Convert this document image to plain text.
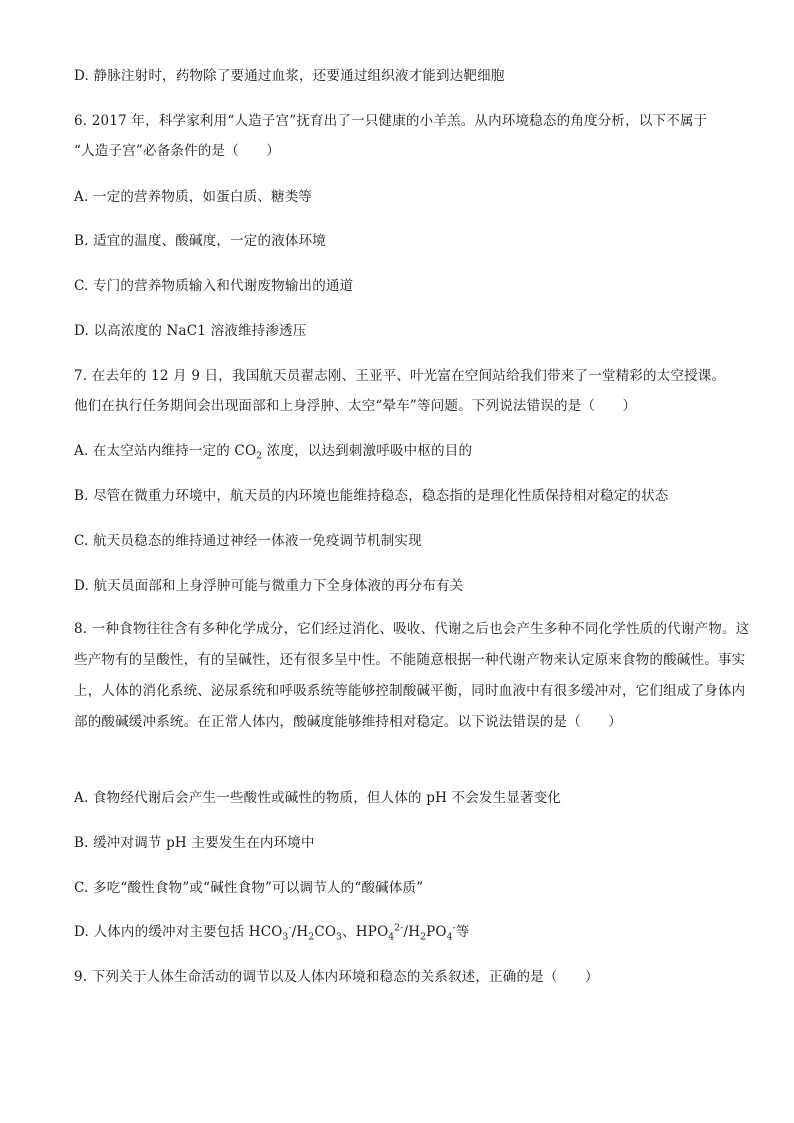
D. 静脉注射时，药物除了要通过血浆，还要通过组织液才能到达靶细胞
6. 2017 年，科学家利用“人造子宫”抚育出了一只健康的小羊羔。从内环境稳态的角度分析，以下不属于
“人造子宫”必备条件的是（　　）
A. 一定的营养物质，如蛋白质、糖类等
B. 适宜的温度、酸碱度，一定的液体环境
C. 专门的营养物质输入和代谢废物输出的通道
D. 以高浓度的 NaC1 溶液维持渗透压
7. 在去年的 12 月 9 日，我国航天员翟志刚、王亚平、叶光富在空间站给我们带来了一堂精彩的太空授课。
他们在执行任务期间会出现面部和上身浮肿、太空“晕车”等问题。下列说法错误的是（　　）
A. 在太空站内维持一定的 $CO_2$ 浓度，以达到刺激呼吸中枢的目的
B. 尽管在微重力环境中，航天员的内环境也能维持稳态，稳态指的是理化性质保持相对稳定的状态
C. 航天员稳态的维持通过神经一体液一免疫调节机制实现
D. 航天员面部和上身浮肿可能与微重力下全身体液的再分布有关
8. 一种食物往往含有多种化学成分，它们经过消化、吸收、代谢之后也会产生多种不同化学性质的代谢产物。这些产物有的呈酸性，有的呈碱性，还有很多呈中性。不能随意根据一种代谢产物来认定原来食物的酸碱性。事实上，人体的消化系统、泌尿系统和呼吸系统等能够控制酸碱平衡，同时血液中有很多缓冲对，它们组成了身体内部的酸碱缓冲系统。在正常人体内，酸碱度能够维持相对稳定。以下说法错误的是（　　）
A. 食物经代谢后会产生一些酸性或碱性的物质，但人体的 pH 不会发生显著变化
B. 缓冲对调节 pH 主要发生在内环境中
C. 多吃“酸性食物”或“碱性食物”可以调节人的“酸碱体质”
D. 人体内的缓冲对主要包括 $HCO_3^-/H_2CO_3$、$HPO_4^{2-}/H_2PO_4^-$等
9. 下列关于人体生命活动的调节以及人体内环境和稳态的关系叙述，正确的是（　　）
